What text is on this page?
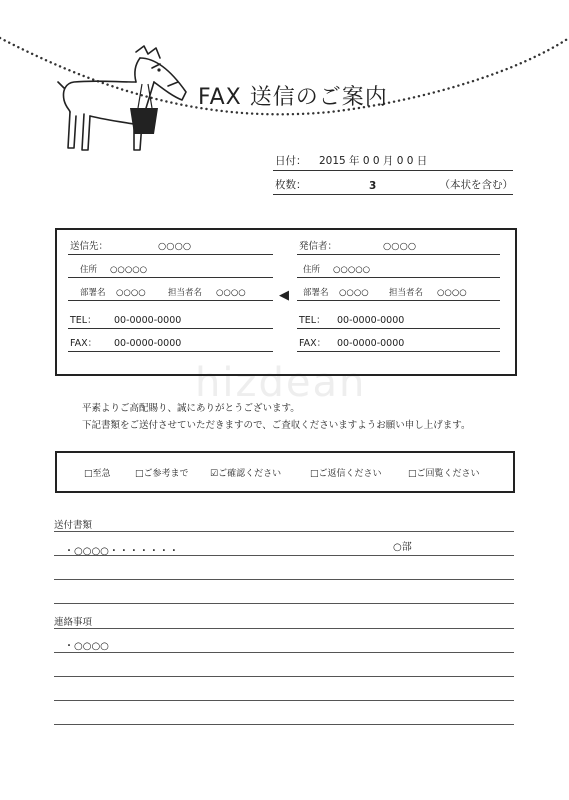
hizdean
FAX 送信のご案内
日付： 2015 年 0 0 月 0 0 日
枚数：	3	（本状を含む）
送信先：	○○○○
住所 ○○○○○
部署名 ○○○○	担当者名 ○○○○
TEL： 00-0000-0000
FAX： 00-0000-0000
◀
発信者：	○○○○
住所 ○○○○○
部署名 ○○○○ 担当者名 ○○○○
TEL： 00-0000-0000
FAX： 00-0000-0000
平素よりご高配賜り、誠にありがとうございます。
下記書類をご送付させていただきますので、ご査収くださいますようお願い申し上げます。
□至急	□ご参考まで ☑ご確認ください	□ご返信ください	□ご回覧ください
送付書類
・○○○○・・・・・・・	○部
連絡事項
・○○○○
